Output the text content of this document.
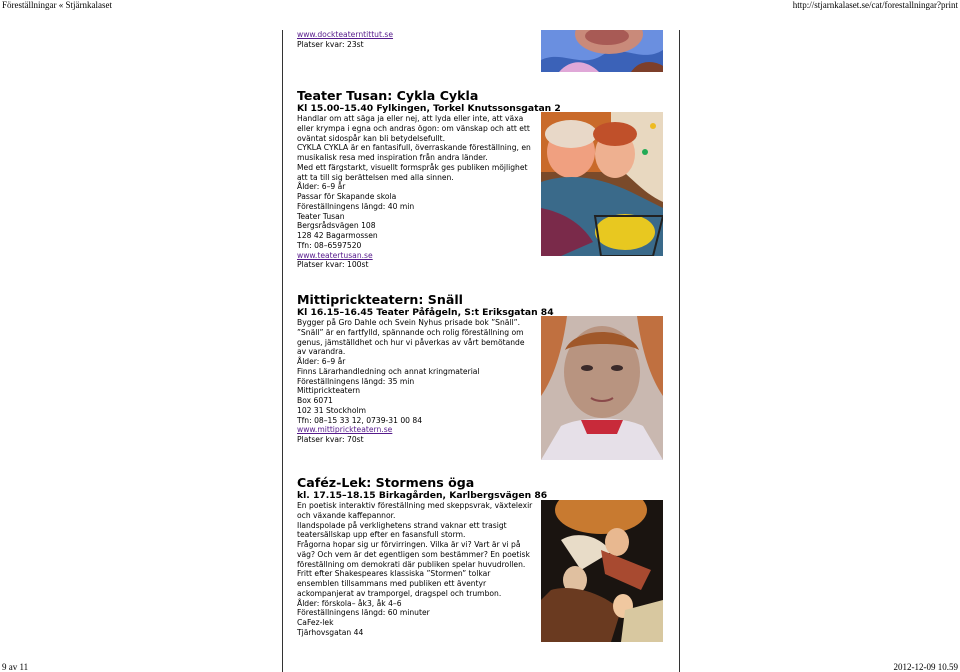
Föreställningar « Stjärnkalaset	http://stjarnkalaset.se/cat/forestallningar?print
www.dockteaterntittut.se
Platser kvar: 23st
Teater Tusan: Cykla Cykla
Kl 15.00–15.40 Fylkingen, Torkel Knutssonsgatan 2
Handlar om att säga ja eller nej, att lyda eller inte, att växa
eller krympa i egna och andras ögon: om vänskap och att ett
oväntat sidospår kan bli betydelsefullt.
CYKLA CYKLA är en fantasifull, överraskande föreställning, en
musikalisk resa med inspiration från andra länder.
Med ett färgstarkt, visuellt formspråk ges publiken möjlighet
att ta till sig berättelsen med alla sinnen.
Ålder: 6–9 år
Passar för Skapande skola
Föreställningens längd: 40 min
Teater Tusan
Bergsrådsvägen 108
128 42 Bagarmossen
Tfn: 08–6597520
www.teatertusan.se
Platser kvar: 100st
Mittiprickteatern: Snäll
Kl 16.15–16.45 Teater Påfågeln, S:t Eriksgatan 84
Bygger på Gro Dahle och Svein Nyhus prisade bok ”Snäll”.
”Snäll” är en fartfylld, spännande och rolig föreställning om
genus, jämställdhet och hur vi påverkas av vårt bemötande
av varandra.
Ålder: 6–9 år
Finns Lärarhandledning och annat kringmaterial
Föreställningens längd: 35 min
Mittiprickteatern
Box 6071
102 31 Stockholm
Tfn: 08–15 33 12, 0739-31 00 84
www.mittiprickteatern.se
Platser kvar: 70st
Caféz-Lek: Stormens öga
kl. 17.15–18.15 Birkagården, Karlbergsvägen 86
En poetisk interaktiv föreställning med skeppsvrak, växtelexir
och växande kaffepannor.
Ilandspolade på verklighetens strand vaknar ett trasigt
teatersällskap upp efter en fasansfull storm.
Frågorna hopar sig ur förvirringen. Vilka är vi? Vart är vi på
väg? Och vem är det egentligen som bestämmer? En poetisk
föreställning om demokrati där publiken spelar huvudrollen.
Fritt efter Shakespeares klassiska ”Stormen” tolkar
ensemblen tillsammans med publiken ett äventyr
ackompanjerat av tramporgel, dragspel och trumbon.
Ålder: förskola– åk3, åk 4–6
Föreställningens längd: 60 minuter
CaFez-lek
Tjärhovsgatan 44
9 av 11	2012-12-09 10.59
